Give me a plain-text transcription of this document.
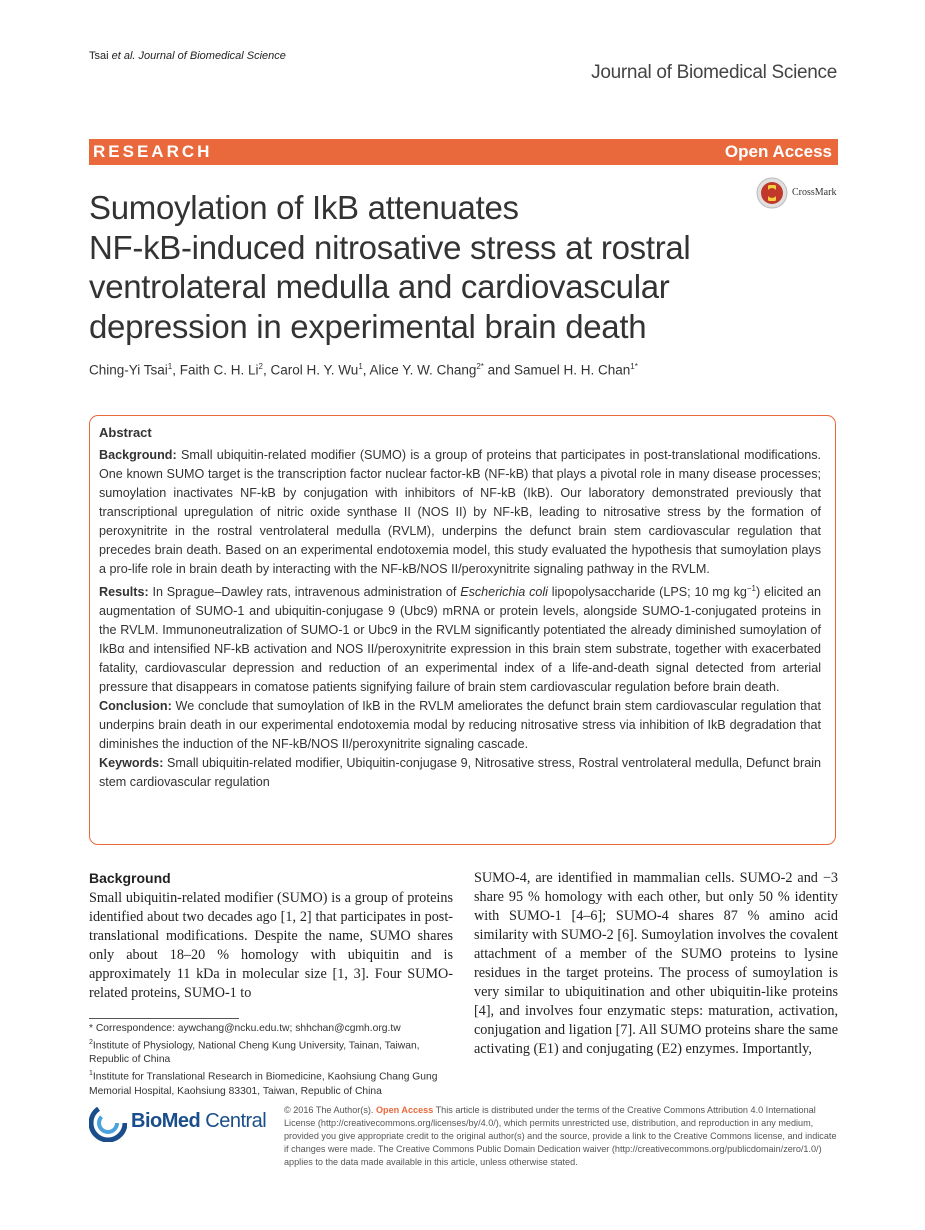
Tsai et al. Journal of Biomedical Science
Journal of Biomedical Science
RESEARCH	Open Access
CrossMark
Sumoylation of IkB attenuates
NF-kB-induced nitrosative stress at rostral
ventrolateral medulla and cardiovascular
depression in experimental brain death
Ching-Yi Tsai$^1$, Faith C. H. Li$^2$, Carol H. Y. Wu$^1$, Alice Y. W. Chang$^{2*}$ and Samuel H. H. Chan$^{1*}$
Abstract

Background: Small ubiquitin-related modifier (SUMO) is a group of proteins that participates in post-translational modifications. One known SUMO target is the transcription factor nuclear factor-kB (NF-kB) that plays a pivotal role in many disease processes; sumoylation inactivates NF-kB by conjugation with inhibitors of NF-kB (IkB). Our laboratory demonstrated previously that transcriptional upregulation of nitric oxide synthase II (NOS II) by NF-kB, leading to nitrosative stress by the formation of peroxynitrite in the rostral ventrolateral medulla (RVLM), underpins the defunct brain stem cardiovascular regulation that precedes brain death. Based on an experimental endotoxemia model, this study evaluated the hypothesis that sumoylation plays a pro-life role in brain death by interacting with the NF-kB/NOS II/peroxynitrite signaling pathway in the RVLM.

Results: In Sprague–Dawley rats, intravenous administration of Escherichia coli lipopolysaccharide (LPS; 10 mg $kg^{-1}$) elicited an augmentation of SUMO-1 and ubiquitin-conjugase 9 (Ubc9) mRNA or protein levels, alongside SUMO-1-conjugated proteins in the RVLM. Immunoneutralization of SUMO-1 or Ubc9 in the RVLM significantly potentiated the already diminished sumoylation of IkBα and intensified NF-kB activation and NOS II/peroxynitrite expression in this brain stem substrate, together with exacerbated fatality, cardiovascular depression and reduction of an experimental index of a life-and-death signal detected from arterial pressure that disappears in comatose patients signifying failure of brain stem cardiovascular regulation before brain death.

Conclusion: We conclude that sumoylation of IkB in the RVLM ameliorates the defunct brain stem cardiovascular regulation that underpins brain death in our experimental endotoxemia modal by reducing nitrosative stress via inhibition of IkB degradation that diminishes the induction of the NF-kB/NOS II/peroxynitrite signaling cascade.

Keywords: Small ubiquitin-related modifier, Ubiquitin-conjugase 9, Nitrosative stress, Rostral ventrolateral medulla, Defunct brain stem cardiovascular regulation

Background
Small ubiquitin-related modifier (SUMO) is a group of proteins identified about two decades ago [1, 2] that participates in post-translational modifications. Despite the name, SUMO shares only about 18–20 % homology with ubiquitin and is approximately 11 kDa in molecular size [1, 3]. Four SUMO-related proteins, SUMO-1 to
SUMO-4, are identified in mammalian cells. SUMO-2 and −3 share 95 % homology with each other, but only 50 % identity with SUMO-1 [4–6]; SUMO-4 shares 87 % amino acid similarity with SUMO-2 [6]. Sumoylation involves the covalent attachment of a member of the SUMO proteins to lysine residues in the target proteins. The process of sumoylation is very similar to ubiquitination and other ubiquitin-like proteins [4], and involves four enzymatic steps: maturation, activation, conjugation and ligation [7]. All SUMO proteins share the same activating (E1) and conjugating (E2) enzymes. Importantly,

* Correspondence: aywchang@ncku.edu.tw; shhchan@cgmh.org.tw

$^2$Institute of Physiology, National Cheng Kung University, Tainan, Taiwan, Republic of China

$^1$Institute for Translational Research in Biomedicine, Kaohsiung Chang Gung Memorial Hospital, Kaohsiung 83301, Taiwan, Republic of China

BioMed Central © 2016 The Author(s). Open Access This article is distributed under the terms of the Creative Commons Attribution 4.0 International License (http://creativecommons.org/licenses/by/4.0/), which permits unrestricted use, distribution, and reproduction in any medium, provided you give appropriate credit to the original author(s) and the source, provide a link to the Creative Commons license, and indicate if changes were made. The Creative Commons Public Domain Dedication waiver (http://creativecommons.org/publicdomain/zero/1.0/) applies to the data made available in this article, unless otherwise stated.
